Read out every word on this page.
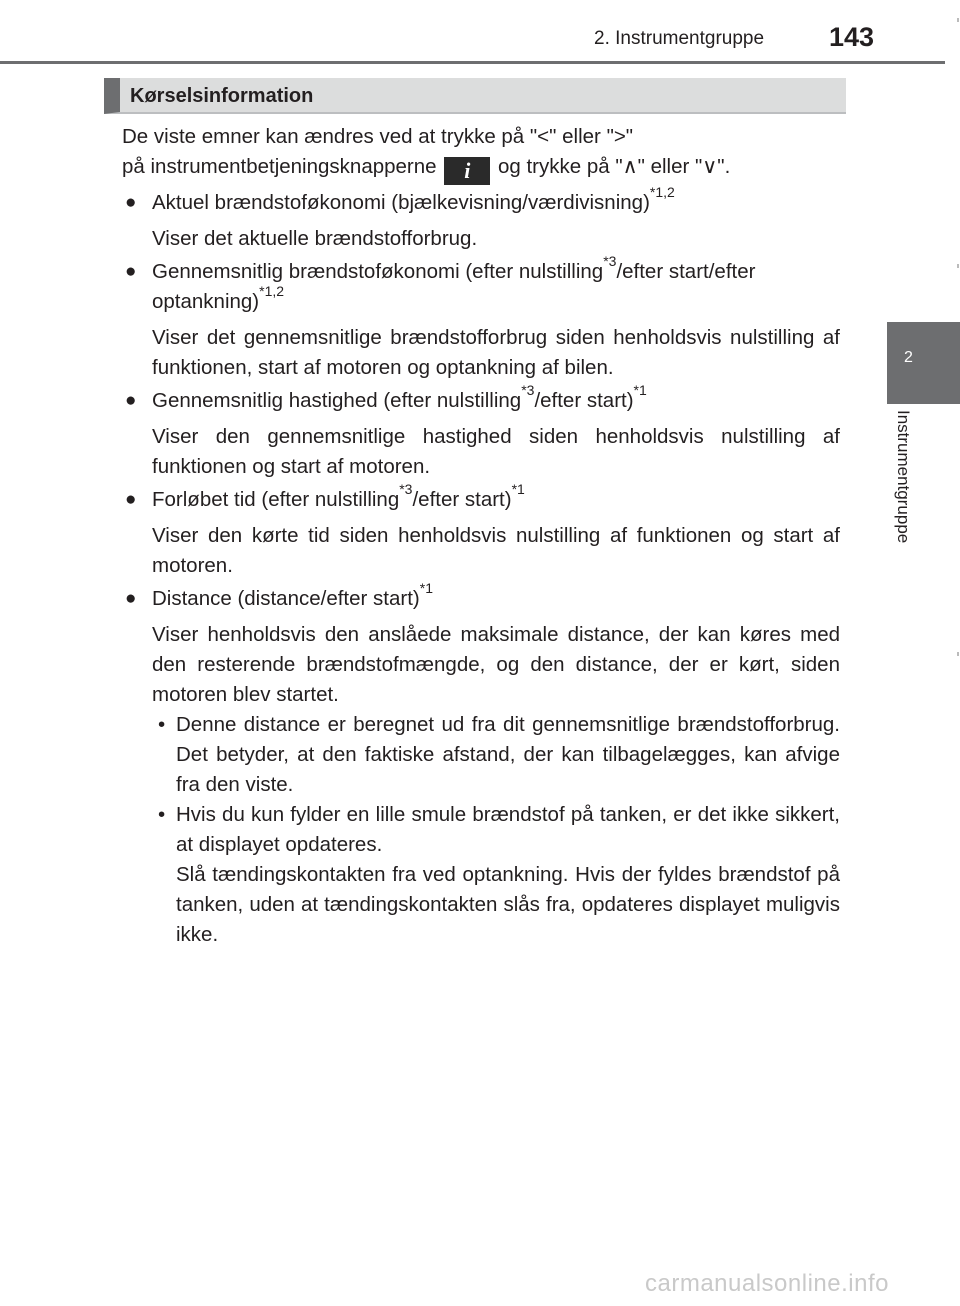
2. Instrumentgruppe 143
2
Instrumentgruppe
Kørselsinformation

De viste emner kan ændres ved at trykke på "<" eller ">"

på instrumentbetjeningsknapperne i og trykke på "∧" eller "∨".

● Aktuel brændstoføkonomi (bjælkevisning/værdivisning)$^{*1,2}$

Viser det aktuelle brændstofforbrug.

● Gennemsnitlig brændstoføkonomi (efter nulstilling$^{*3}$/efter start/efter optankning)$^{*1,2}$

Viser det gennemsnitlige brændstofforbrug siden henholdsvis nulstilling af funktionen, start af motoren og optankning af bilen.

● Gennemsnitlig hastighed (efter nulstilling$^{*3}$/efter start)$^{*1}$

Viser den gennemsnitlige hastighed siden henholdsvis nulstilling af funktionen og start af motoren.

● Forløbet tid (efter nulstilling$^{*3}$/efter start)$^{*1}$

Viser den kørte tid siden henholdsvis nulstilling af funktionen og start af motoren.

● Distance (distance/efter start)$^{*1}$

Viser henholdsvis den anslåede maksimale distance, der kan køres med den resterende brændstofmængde, og den distance, der er kørt, siden motoren blev startet.

• Denne distance er beregnet ud fra dit gennemsnitlige brændstofforbrug. Det betyder, at den faktiske afstand, der kan tilbagelægges, kan afvige fra den viste.

• Hvis du kun fylder en lille smule brændstof på tanken, er det ikke sikkert, at displayet opdateres.

Slå tændingskontakten fra ved optankning. Hvis der fyldes brændstof på tanken, uden at tændingskontakten slås fra, opdateres displayet muligvis ikke.

carmanualsonline.info
